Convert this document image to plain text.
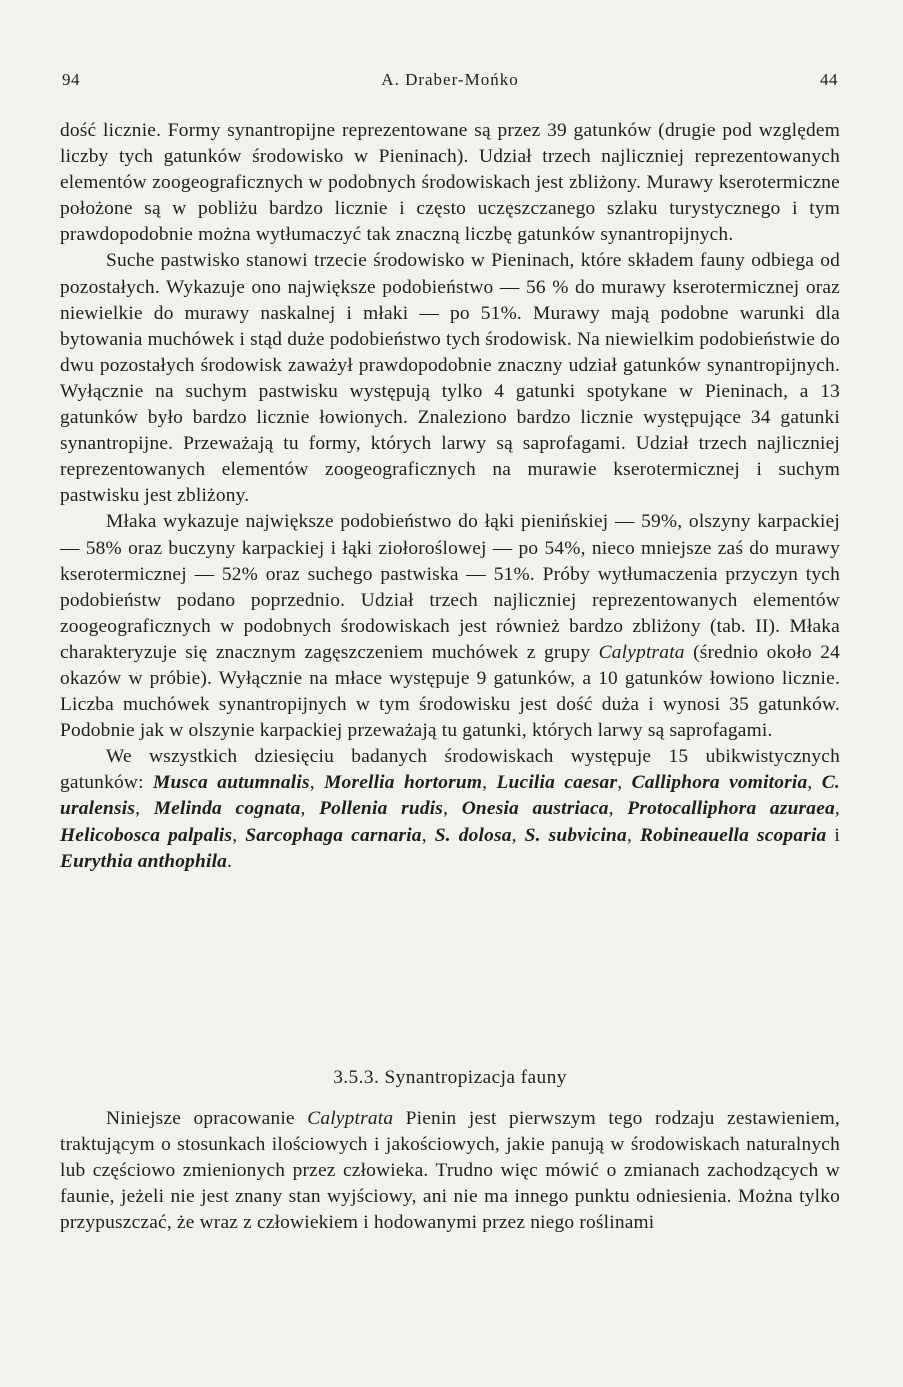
94	A. Draber-Mońko	44

dość licznie. Formy synantropijne reprezentowane są przez 39 gatunków (drugie pod względem liczby tych gatunków środowisko w Pieninach). Udział trzech najliczniej reprezentowanych elementów zoogeograficznych w podobnych środowiskach jest zbliżony. Murawy kserotermiczne położone są w pobliżu bardzo licznie i często uczęszczanego szlaku turystycznego i tym prawdopodobnie można wytłumaczyć tak znaczną liczbę gatunków synantropijnych.

Suche pastwisko stanowi trzecie środowisko w Pieninach, które składem fauny odbiega od pozostałych. Wykazuje ono największe podobieństwo — 56 % do murawy kserotermicznej oraz niewielkie do murawy naskalnej i młaki — po 51%. Murawy mają podobne warunki dla bytowania muchówek i stąd duże podobieństwo tych środowisk. Na niewielkim podobieństwie do dwu pozostałych środowisk zaważył prawdopodobnie znaczny udział gatunków synantropijnych. Wyłącznie na suchym pastwisku występują tylko 4 gatunki spotykane w Pieninach, a 13 gatunków było bardzo licznie łowionych. Znaleziono bardzo licznie występujące 34 gatunki synantropijne. Przeważają tu formy, których larwy są saprofagami. Udział trzech najliczniej reprezentowanych elementów zoogeograficznych na murawie kserotermicznej i suchym pastwisku jest zbliżony.

Młaka wykazuje największe podobieństwo do łąki pienińskiej — 59%, olszyny karpackiej — 58% oraz buczyny karpackiej i łąki ziołoroślowej — po 54%, nieco mniejsze zaś do murawy kserotermicznej — 52% oraz suchego pastwiska — 51%. Próby wytłumaczenia przyczyn tych podobieństw podano poprzednio. Udział trzech najliczniej reprezentowanych elementów zoogeograficznych w podobnych środowiskach jest również bardzo zbliżony (tab. II). Młaka charakteryzuje się znacznym zagęszczeniem muchówek z grupy Calyptrata (średnio około 24 okazów w próbie). Wyłącznie na młace występuje 9 gatunków, a 10 gatunków łowiono licznie. Liczba muchówek synantropijnych w tym środowisku jest dość duża i wynosi 35 gatunków. Podobnie jak w olszynie karpackiej przeważają tu gatunki, których larwy są saprofagami.

We wszystkich dziesięciu badanych środowiskach występuje 15 ubikwistycznych gatunków: Musca autumnalis, Morellia hortorum, Lucilia caesar, Calliphora vomitoria, C. uralensis, Melinda cognata, Pollenia rudis, Onesia austriaca, Protocalliphora azuraea, Helicobosca palpalis, Sarcophaga carnaria, S. dolosa, S. subvicina, Robineauella scoparia i Eurythia anthophila.

3.5.3. Synantropizacja fauny

Niniejsze opracowanie Calyptrata Pienin jest pierwszym tego rodzaju zestawieniem, traktującym o stosunkach ilościowych i jakościowych, jakie panują w środowiskach naturalnych lub częściowo zmienionych przez człowieka. Trudno więc mówić o zmianach zachodzących w faunie, jeżeli nie jest znany stan wyjściowy, ani nie ma innego punktu odniesienia. Można tylko przypuszczać, że wraz z człowiekiem i hodowanymi przez niego roślinami
